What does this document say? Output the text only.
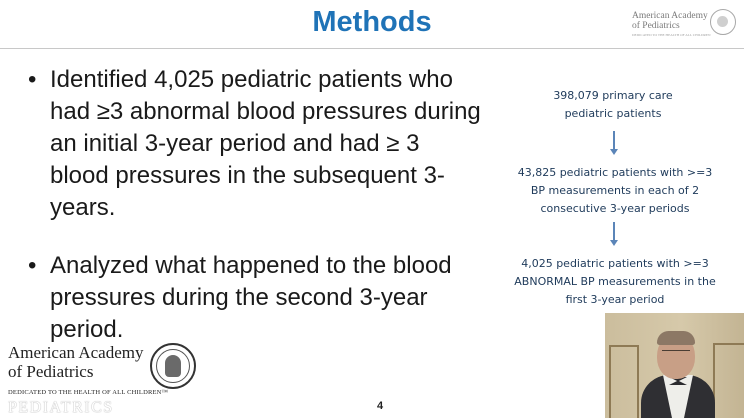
Methods	American Academy of Pediatrics
DEDICATED TO THE HEALTH OF ALL CHILDREN
• Identified 4,025 pediatric patients who had ≥3 abnormal blood pressures during an initial 3-year period and had ≥ 3 blood pressures in the subsequent 3-years.
• Analyzed what happened to the blood pressures during the second 3-year period.
398,079 primary care pediatric patients
43,825 pediatric patients with >=3 BP measurements in each of 2 consecutive 3-year periods
4,025 pediatric patients with >=3 ABNORMAL BP measurements in the first 3-year period
American Academy of Pediatrics
DEDICATED TO THE HEALTH OF ALL CHILDREN™
PEDIATRICS	4
